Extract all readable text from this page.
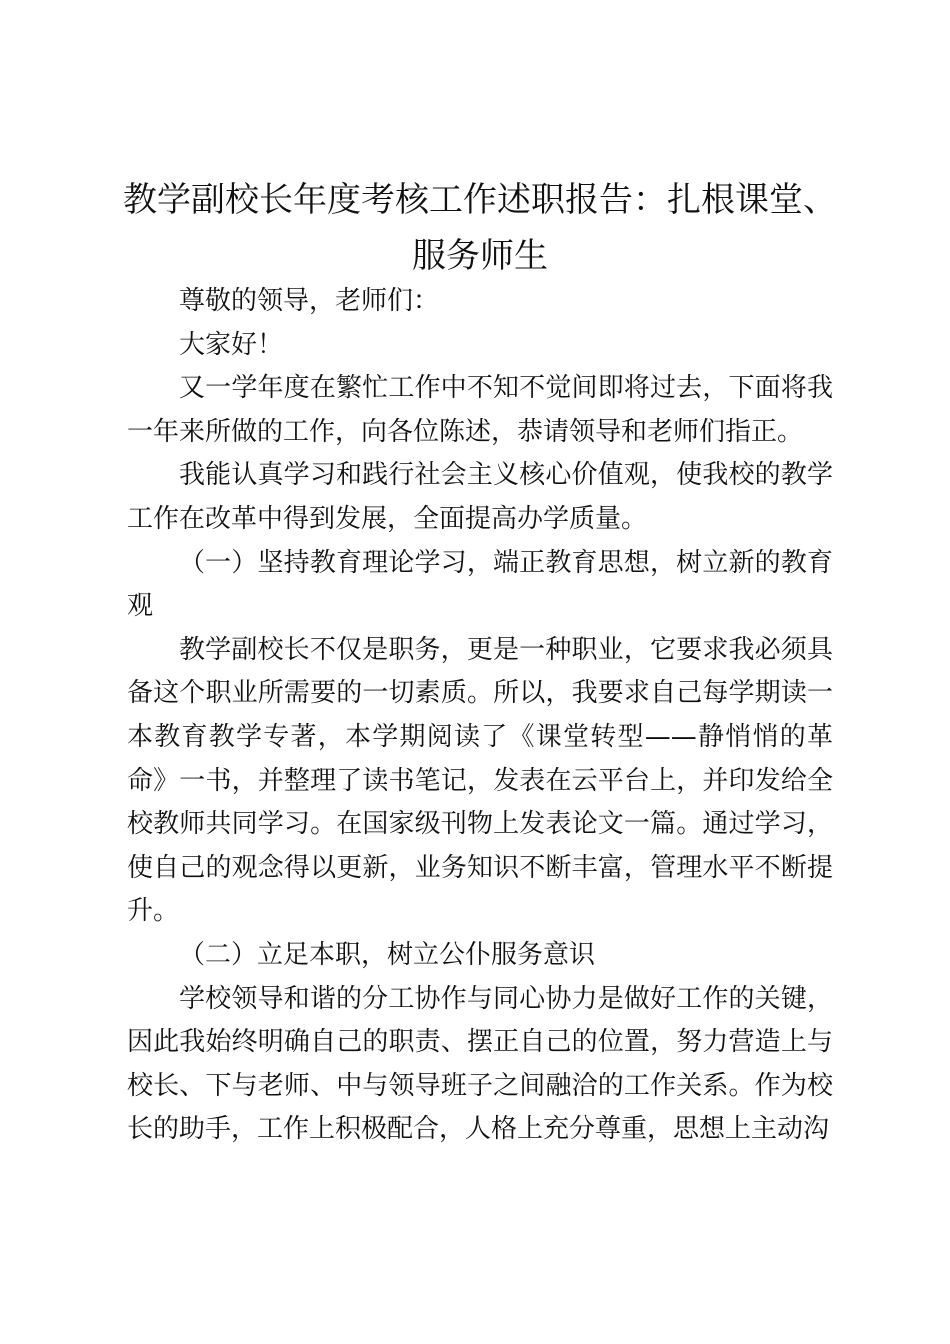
教学副校长年度考核工作述职报告：扎根课堂、服务师生

尊敬的领导，老师们：

大家好！

又一学年度在繁忙工作中不知不觉间即将过去，下面将我一年来所做的工作，向各位陈述，恭请领导和老师们指正。

我能认真学习和践行社会主义核心价值观，使我校的教学工作在改革中得到发展，全面提高办学质量。

（一）坚持教育理论学习，端正教育思想，树立新的教育观

教学副校长不仅是职务，更是一种职业，它要求我必须具备这个职业所需要的一切素质。所以，我要求自己每学期读一本教育教学专著，本学期阅读了《课堂转型——静悄悄的革命》一书，并整理了读书笔记，发表在云平台上，并印发给全校教师共同学习。在国家级刊物上发表论文一篇。通过学习，使自己的观念得以更新，业务知识不断丰富，管理水平不断提升。

（二）立足本职，树立公仆服务意识

学校领导和谐的分工协作与同心协力是做好工作的关键，因此我始终明确自己的职责、摆正自己的位置，努力营造上与校长、下与老师、中与领导班子之间融洽的工作关系。作为校长的助手，工作上积极配合，人格上充分尊重，思想上主动沟
